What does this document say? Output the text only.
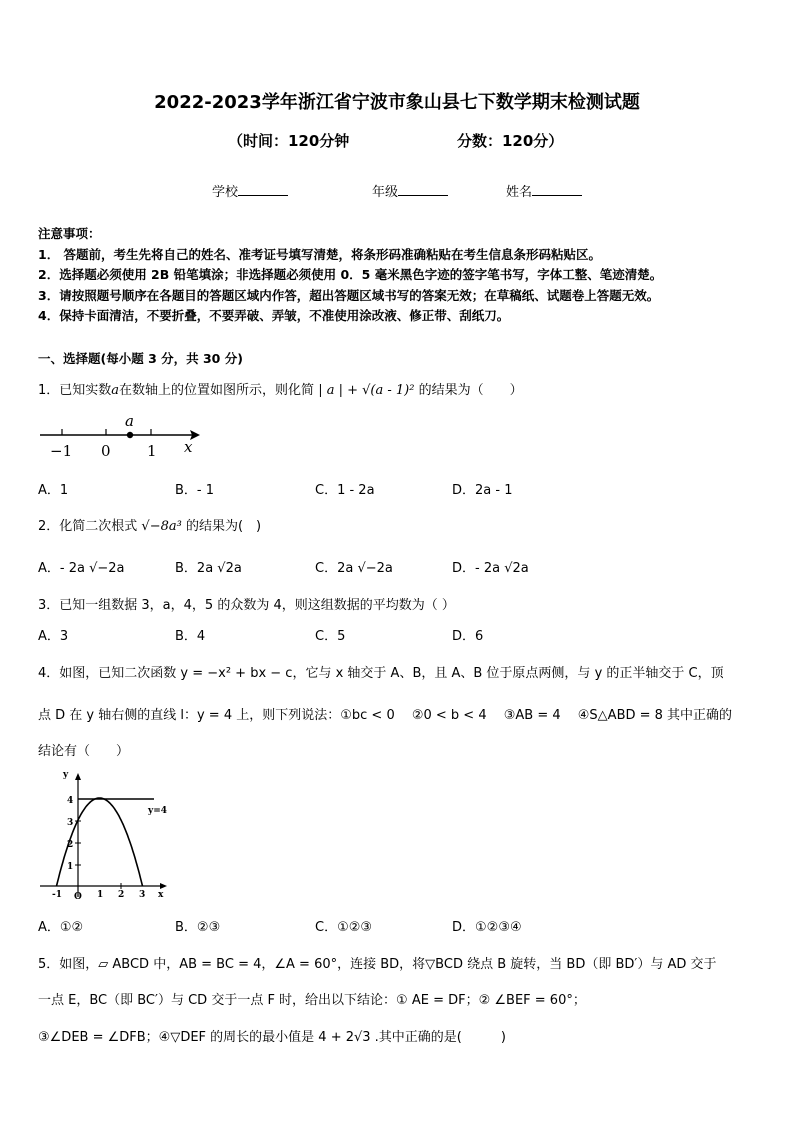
2022-2023学年浙江省宁波市象山县七下数学期末检测试题
（时间：120分钟	分数：120分）
学校	年级	姓名
注意事项：
1． 答题前，考生先将自己的姓名、准考证号填写清楚，将条形码准确粘贴在考生信息条形码粘贴区。
2．选择题必须使用 2B 铅笔填涂；非选择题必须使用 0．5 毫米黑色字迹的签字笔书写，字体工整、笔迹清楚。
3．请按照题号顺序在各题目的答题区域内作答，超出答题区域书写的答案无效；在草稿纸、试题卷上答题无效。
4．保持卡面清洁，不要折叠，不要弄破、弄皱，不准使用涂改液、修正带、刮纸刀。
一、选择题(每小题 3 分，共 30 分)
1．已知实数a在数轴上的位置如图所示，则化简 | a | + √(a - 1)² 的结果为（　　）
a
−1 0 1 x
A．1	B．- 1	C．1 - 2a	D．2a - 1
2．化简二次根式 √−8a³ 的结果为(　)
A．- 2a √−2a	B．2a √2a	C．2a √−2a	D．- 2a √2a
3．已知一组数据 3，a，4，5 的众数为 4，则这组数据的平均数为（ ）
A．3	B．4	C．5	D．6
4．如图，已知二次函数 y = −x² + bx − c，它与 x 轴交于 A、B，且 A、B 位于原点两侧，与 y 的正半轴交于 C，顶
点 D 在 y 轴右侧的直线 l：y = 4 上，则下列说法：①bc < 0　 ②0 < b < 4　 ③AB = 4　 ④S△ABD = 8 其中正确的
结论有（　　）
y
4
3
2
1
-1 O 1 2 3 x
y=4
A．①②	B．②③	C．①②③	D．①②③④
5．如图，▱ ABCD 中，AB = BC = 4，∠A = 60°，连接 BD，将▽BCD 绕点 B 旋转，当 BD（即 BD′）与 AD 交于
一点 E，BC（即 BC′）与 CD 交于一点 F 时，给出以下结论：① AE = DF；② ∠BEF = 60°；
③∠DEB = ∠DFB；④▽DEF 的周长的最小值是 4 + 2√3 .其中正确的是(　　　)
